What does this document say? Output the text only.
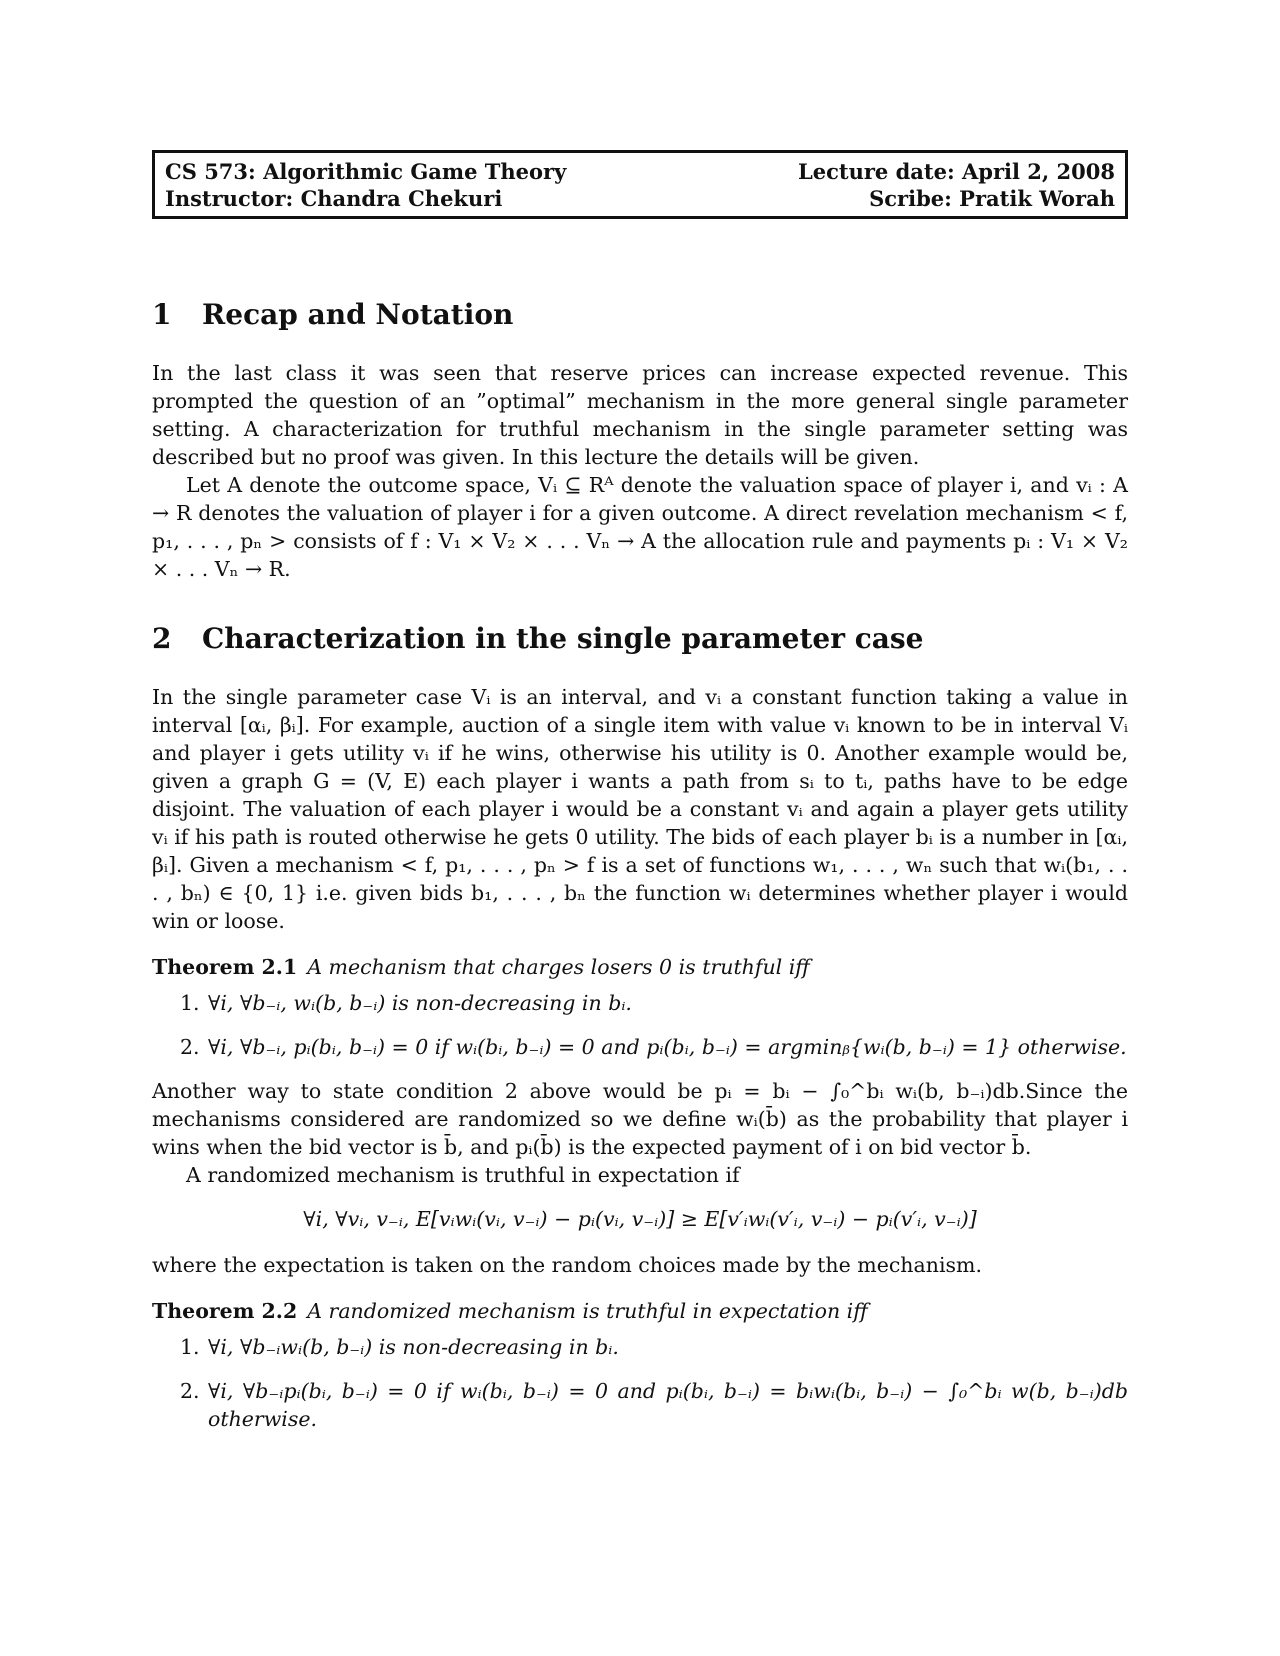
CS 573: Algorithmic Game Theory
Instructor: Chandra Chekuri
Lecture date: April 2, 2008
Scribe: Pratik Worah
1 Recap and Notation

In the last class it was seen that reserve prices can increase expected revenue. This prompted the question of an ”optimal” mechanism in the more general single parameter setting. A characterization for truthful mechanism in the single parameter setting was described but no proof was given. In this lecture the details will be given.

Let A denote the outcome space, Vᵢ ⊆ Rᴬ denote the valuation space of player i, and vᵢ : A → R denotes the valuation of player i for a given outcome. A direct revelation mechanism < f, p₁, . . . , pₙ > consists of f : V₁ × V₂ × . . . Vₙ → A the allocation rule and payments pᵢ : V₁ × V₂ × . . . Vₙ → R.

2 Characterization in the single parameter case

In the single parameter case Vᵢ is an interval, and vᵢ a constant function taking a value in interval [αᵢ, βᵢ]. For example, auction of a single item with value vᵢ known to be in interval Vᵢ and player i gets utility vᵢ if he wins, otherwise his utility is 0. Another example would be, given a graph G = (V, E) each player i wants a path from sᵢ to tᵢ, paths have to be edge disjoint. The valuation of each player i would be a constant vᵢ and again a player gets utility vᵢ if his path is routed otherwise he gets 0 utility. The bids of each player bᵢ is a number in [αᵢ, βᵢ]. Given a mechanism < f, p₁, . . . , pₙ > f is a set of functions w₁, . . . , wₙ such that wᵢ(b₁, . . . , bₙ) ∈ {0, 1} i.e. given bids b₁, . . . , bₙ the function wᵢ determines whether player i would win or loose.

Theorem 2.1 A mechanism that charges losers 0 is truthful iff
1. ∀i, ∀b₋ᵢ, wᵢ(b, b₋ᵢ) is non-decreasing in bᵢ.
2. ∀i, ∀b₋ᵢ, pᵢ(bᵢ, b₋ᵢ) = 0 if wᵢ(bᵢ, b₋ᵢ) = 0 and pᵢ(bᵢ, b₋ᵢ) = argminᵦ{wᵢ(b, b₋ᵢ) = 1} otherwise.

Another way to state condition 2 above would be pᵢ = bᵢ − ∫₀^bᵢ wᵢ(b, b₋ᵢ)db.Since the mechanisms considered are randomized so we define wᵢ(b̄) as the probability that player i wins when the bid vector is b̄, and pᵢ(b̄) is the expected payment of i on bid vector b̄.

A randomized mechanism is truthful in expectation if

∀i, ∀vᵢ, v₋ᵢ, E[vᵢwᵢ(vᵢ, v₋ᵢ) − pᵢ(vᵢ, v₋ᵢ)] ≥ E[v′ᵢwᵢ(v′ᵢ, v₋ᵢ) − pᵢ(v′ᵢ, v₋ᵢ)]

where the expectation is taken on the random choices made by the mechanism.

Theorem 2.2 A randomized mechanism is truthful in expectation iff
1. ∀i, ∀b₋ᵢwᵢ(b, b₋ᵢ) is non-decreasing in bᵢ.
2. ∀i, ∀b₋ᵢpᵢ(bᵢ, b₋ᵢ) = 0 if wᵢ(bᵢ, b₋ᵢ) = 0 and pᵢ(bᵢ, b₋ᵢ) = bᵢwᵢ(bᵢ, b₋ᵢ) − ∫₀^bᵢ w(b, b₋ᵢ)db otherwise.
